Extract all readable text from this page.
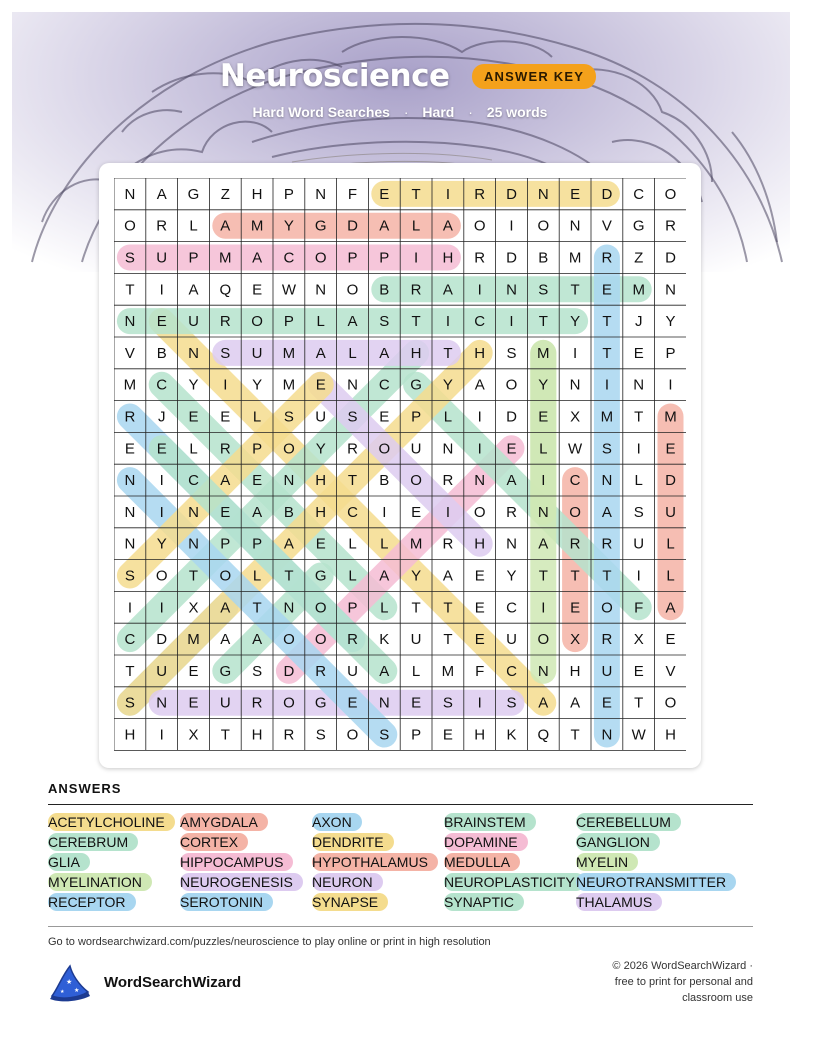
Neuroscience	ANSWER KEY
Hard Word Searches · Hard · 25 words
N A G Z H P N F E T I R D N E D C O
O R L A M Y G D A L A O I O N V G R
S U P M A C O P P I H R D B M R Z D
T I A Q E W N O B R A I N S T E M N
N E U R O P L A S T I C I T Y T J Y
V B N S U M A L A H T H S M I T E P
M C Y I Y M E N C G Y A O Y N I N I
R J E E L S U S E P L I D E X M T M
E E L R P O Y R O U N I E L W S I E
N I C A E N H T B O R N A I C N L D
N I N E A B H C I E I O R N O A S U
N Y N P P A E L L M R H N A R R U L
S O T O L T G L A Y A E Y T T T I L
I I X A T N O P L T T E C I E O F A
C D M A A O O R K U T E U O X R X E
T U E G S D R U A L M F C N H U E V
S N E U R O G E N E S I S A A E T O
H I X T H R S O S P E H K Q T N W H
ANSWERS
ACETYLCHOLINE	AMYGDALA	AXON	BRAINSTEM	CEREBELLUM
CEREBRUM	CORTEX	DENDRITE	DOPAMINE	GANGLION
GLIA	HIPPOCAMPUS	HYPOTHALAMUS	MEDULLA	MYELIN
MYELINATION	NEUROGENESIS	NEURON	NEUROPLASTICITY NEUROTRANSMITTER
RECEPTOR	SEROTONIN	SYNAPSE	SYNAPTIC	THALAMUS
Go to wordsearchwizard.com/puzzles/neuroscience to play online or print in high resolution
★
★
★
WordSearchWizard
© 2026 WordSearchWizard ·
free to print for personal and
classroom use
